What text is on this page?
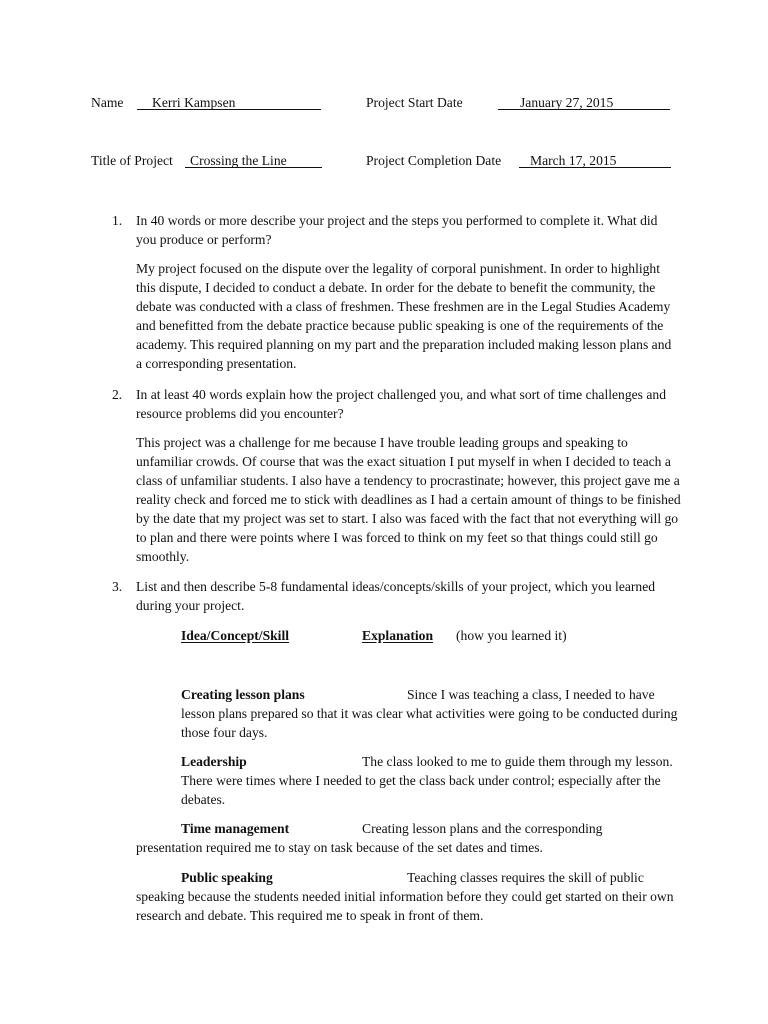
Name Kerri Kampsen	Project Start Date	January 27, 2015
Title of Project Crossing the Line	Project Completion Date March 17, 2015
1. In 40 words or more describe your project and the steps you performed to complete it. What did you produce or perform?
My project focused on the dispute over the legality of corporal punishment. In order to highlight this dispute, I decided to conduct a debate. In order for the debate to benefit the community, the debate was conducted with a class of freshmen. These freshmen are in the Legal Studies Academy and benefitted from the debate practice because public speaking is one of the requirements of the academy. This required planning on my part and the preparation included making lesson plans and a corresponding presentation.
2. In at least 40 words explain how the project challenged you, and what sort of time challenges and resource problems did you encounter?
This project was a challenge for me because I have trouble leading groups and speaking to unfamiliar crowds. Of course that was the exact situation I put myself in when I decided to teach a class of unfamiliar students. I also have a tendency to procrastinate; however, this project gave me a reality check and forced me to stick with deadlines as I had a certain amount of things to be finished by the date that my project was set to start. I also was faced with the fact that not everything will go to plan and there were points where I was forced to think on my feet so that things could still go smoothly.
3. List and then describe 5-8 fundamental ideas/concepts/skills of your project, which you learned during your project.
Idea/Concept/Skill	Explanation (how you learned it)
Creating lesson plans	Since I was teaching a class, I needed to have lesson plans prepared so that it was clear what activities were going to be conducted during those four days.
Leadership	The class looked to me to guide them through my lesson. There were times where I needed to get the class back under control; especially after the debates.
Time management	Creating lesson plans and the corresponding presentation required me to stay on task because of the set dates and times.
Public speaking	Teaching classes requires the skill of public speaking because the students needed initial information before they could get started on their own research and debate. This required me to speak in front of them.
